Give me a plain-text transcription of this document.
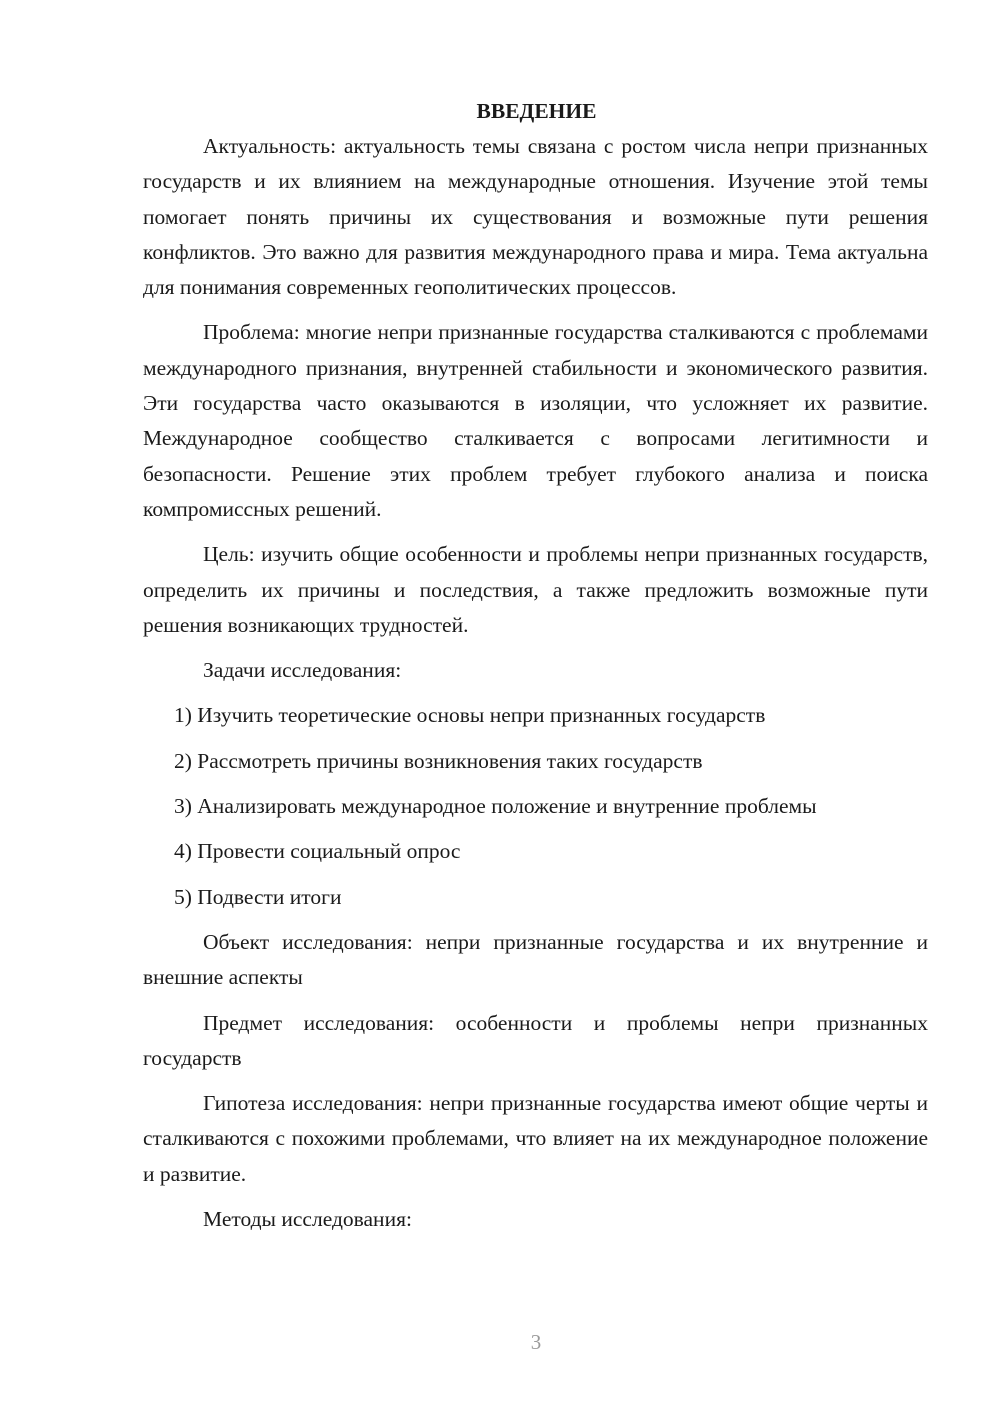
ВВЕДЕНИЕ

Актуальность: актуальность темы связана с ростом числа непри признанных государств и их влиянием на международные отношения. Изучение этой темы помогает понять причины их существования и возможные пути решения конфликтов. Это важно для развития международного права и мира. Тема актуальна для понимания современных геополитических процессов.

Проблема: многие непри признанные государства сталкиваются с проблемами международного признания, внутренней стабильности и экономического развития. Эти государства часто оказываются в изоляции, что усложняет их развитие. Международное сообщество сталкивается с вопросами легитимности и безопасности. Решение этих проблем требует глубокого анализа и поиска компромиссных решений.

Цель: изучить общие особенности и проблемы непри признанных государств, определить их причины и последствия, а также предложить возможные пути решения возникающих трудностей.

Задачи исследования:

1) Изучить теоретические основы непри признанных государств
2) Рассмотреть причины возникновения таких государств
3) Анализировать международное положение и внутренние проблемы
4) Провести социальный опрос
5) Подвести итоги

Объект исследования: непри признанные государства и их внутренние и внешние аспекты

Предмет исследования: особенности и проблемы непри признанных государств

Гипотеза исследования: непри признанные государства имеют общие черты и сталкиваются с похожими проблемами, что влияет на их международное положение и развитие.

Методы исследования:

3
